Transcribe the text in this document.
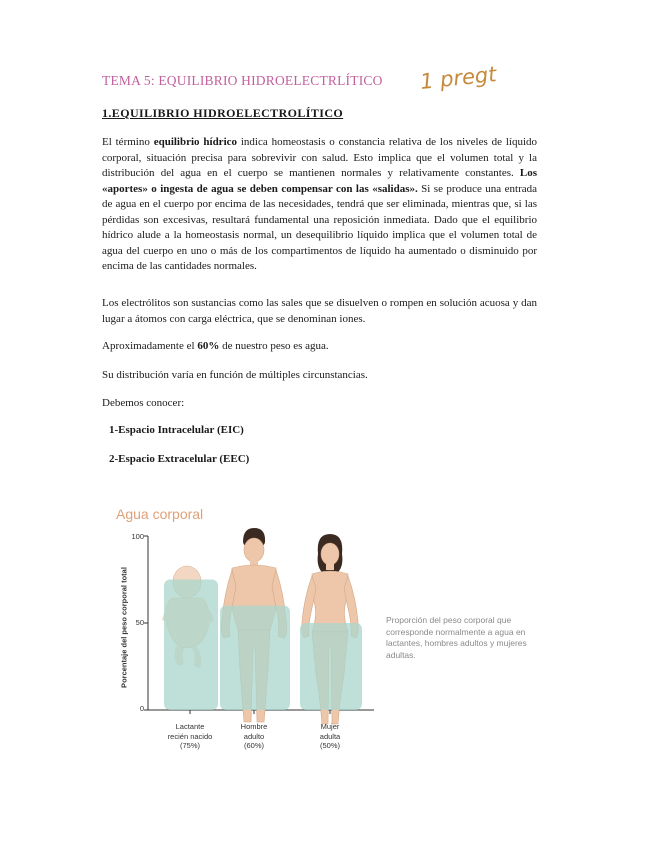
TEMA 5: EQUILIBRIO HIDROELECTRLÍTICO 1 pregt
1.EQUILIBRIO HIDROELECTROLÍTICO
El término equilibrio hídrico indica homeostasis o constancia relativa de los niveles de líquido corporal, situación precisa para sobrevivir con salud. Esto implica que el volumen total y la distribución del agua en el cuerpo se mantienen normales y relativamente constantes. Los «aportes» o ingesta de agua se deben compensar con las «salidas». Si se produce una entrada de agua en el cuerpo por encima de las necesidades, tendrá que ser eliminada, mientras que, si las pérdidas son excesivas, resultará fundamental una reposición inmediata. Dado que el equilibrio hídrico alude a la homeostasis normal, un desequilibrio líquido implica que el volumen total de agua del cuerpo en uno o más de los compartimentos de líquido ha aumentado o disminuido por encima de las cantidades normales.
Los electrólitos son sustancias como las sales que se disuelven o rompen en solución acuosa y dan lugar a átomos con carga eléctrica, que se denominan iones.
Aproximadamente el 60% de nuestro peso es agua.
Su distribución varía en función de múltiples circunstancias.
Debemos conocer:
1-Espacio Intracelular (EIC)
2-Espacio Extracelular (EEC)
Agua corporal
Porcentaje del peso corporal total
100
50
0
Lactante
recién nacido
(75%)
Hombre
adulto
(60%)
Mujer
adulta
(50%)
Proporción del peso corporal que corresponde normalmente a agua en lactantes, hombres adultos y mujeres adultas.
